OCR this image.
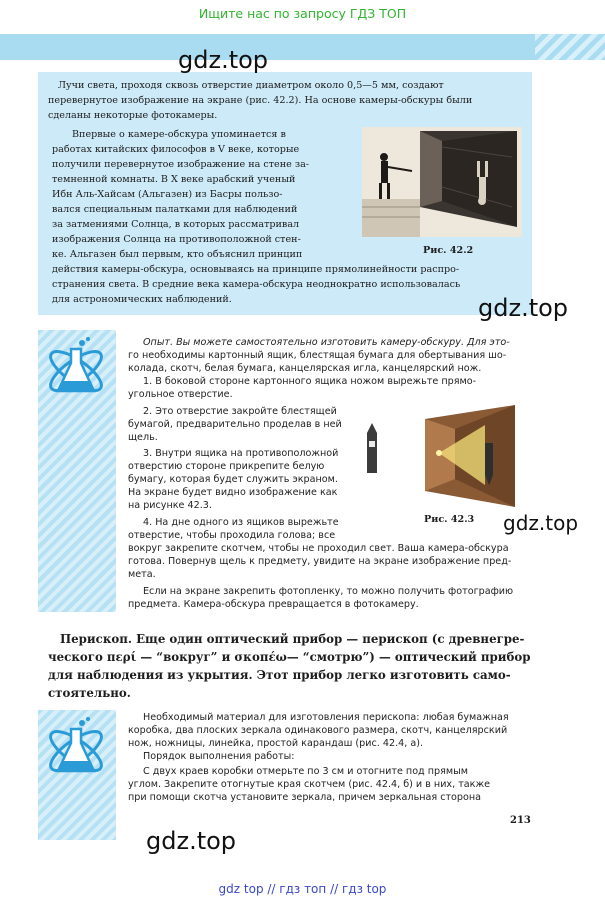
Ищите нас по запросу ГДЗ ТОП
Лучи света, проходя сквозь отверстие диаметром около 0,5—5 мм, создают
перевернутое изображение на экране (рис. 42.2). На основе камеры-обскуры были
сделаны некоторые фотокамеры.
Впервые о камере-обскура упоминается в
работах китайских философов в V веке, которые
получили перевернутое изображение на стене за-
темненной комнаты. В X веке арабский ученый
Ибн Аль-Хайсам (Альгазен) из Басры пользо-
вался специальным палатками для наблюдений
за затмениями Солнца, в которых рассматривал
изображения Солнца на противоположной стен-
ке. Альгазен был первым, кто объяснил принцип
действия камеры-обскура, основываясь на принципе прямолинейности распро-
странения света. В средние века камера-обскура неоднократно использовалась
для астрономических наблюдений.
Рис. 42.2
gdz.top
gdz.top
Опыт. Вы можете самостоятельно изготовить камеру-обскуру. Для это-
го необходимы картонный ящик, блестящая бумага для обертывания шо-
колада, скотч, белая бумага, канцелярская игла, канцелярский нож.
1. В боковой стороне картонного ящика ножом вырежьте прямо-
угольное отверстие.
2. Это отверстие закройте блестящей
бумагой, предварительно проделав в ней
щель.
3. Внутри ящика на противоположной
отверстию стороне прикрепите белую
бумагу, которая будет служить экраном.
На экране будет видно изображение как
на рисунке 42.3.
4. На дне одного из ящиков вырежьте
отверстие, чтобы проходила голова; все
вокруг закрепите скотчем, чтобы не проходил свет. Ваша камера-обскура
готова. Повернув щель к предмету, увидите на экране изображение пред-
мета.
Если на экране закрепить фотопленку, то можно получить фотографию
предмета. Камера-обскура превращается в фотокамеру.
Рис. 42.3 gdz.top
Перископ. Еще один оптический прибор — перископ (с древнегре-
ческого περί — “вокруг” и σκοπέω— “смотрю”) — оптический прибор
для наблюдения из укрытия. Этот прибор легко изготовить само-
стоятельно.
Необходимый материал для изготовления перископа: любая бумажная
коробка, два плоских зеркала одинакового размера, скотч, канцелярский
нож, ножницы, линейка, простой карандаш (рис. 42.4, а).
Порядок выполнения работы:
С двух краев коробки отмерьте по 3 см и отогните под прямым
углом. Закрепите отогнутые края скотчем (рис. 42.4, б) и в них, также
при помощи скотча установите зеркала, причем зеркальная сторона
213
gdz.top
gdz top // гдз топ // гдз top
